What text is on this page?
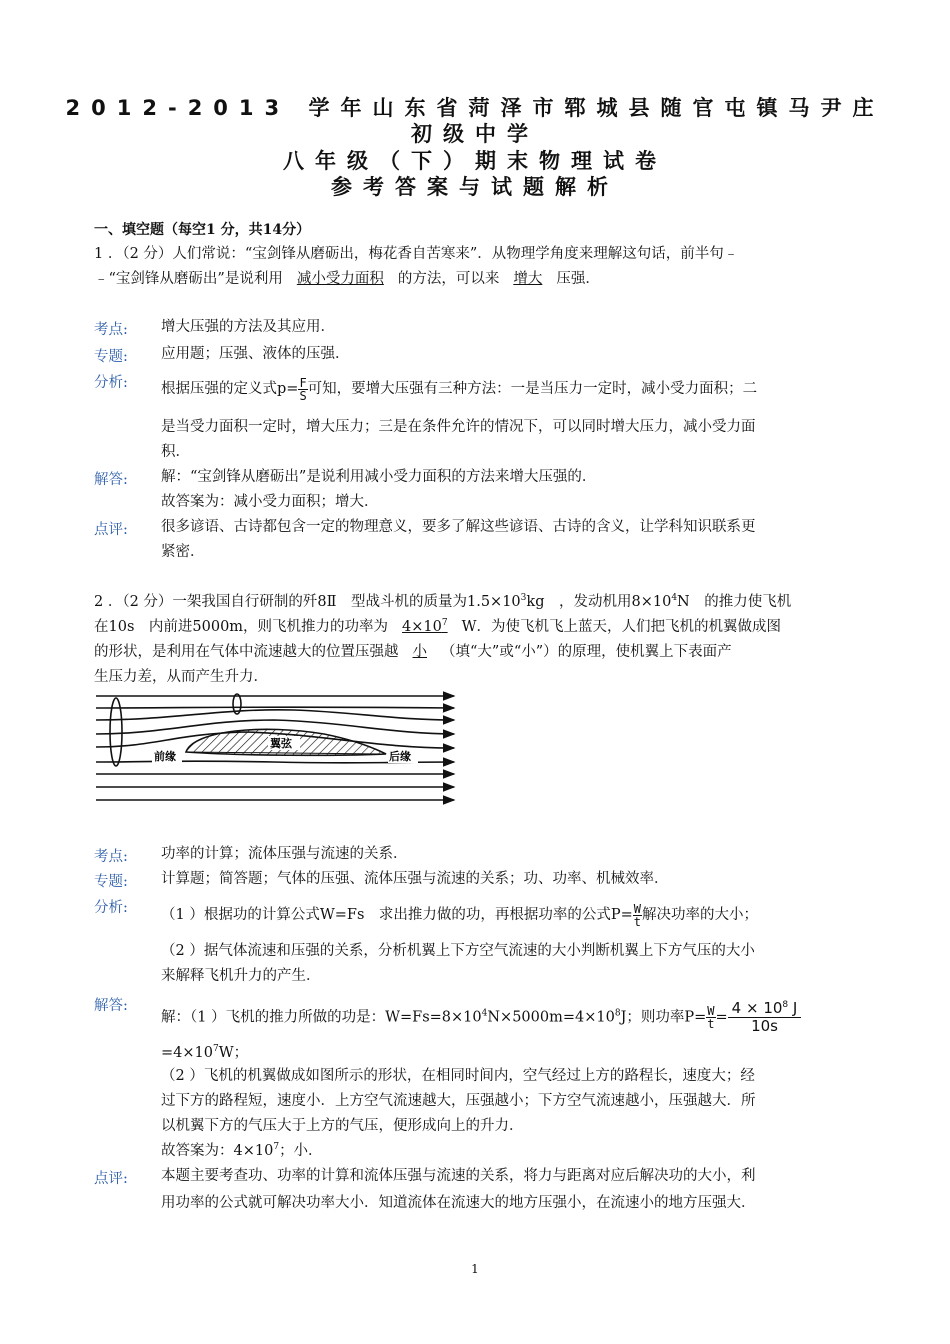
2012-2013 学年山东省菏泽市郓城县随官屯镇马尹庄
初级中学
八年级（下）期末物理试卷
参考答案与试题解析
一、填空题（每空1 分，共14分）
1 ．（2 分）人们常说：“宝剑锋从磨砺出，梅花香自苦寒来”．从物理学角度来理解这句话，前半句﹣
﹣“宝剑锋从磨砺出”是说利用 减小受力面积 的方法，可以来 增大 压强．
考点: 增大压强的方法及其应用．
专题: 应用题；压强、液体的压强．
分析: 根据压强的定义式$p= \frac{F}{S}$ 可知，要增大压强有三种方法：一是当压力一定时，减小受力面积；二
是当受力面积一定时，增大压力；三是在条件允许的情况下，可以同时增大压力，减小受力面
积．
解答: 解：“宝剑锋从磨砺出”是说利用减小受力面积的方法来增大压强的．
故答案为：减小受力面积；增大．
点评: 很多谚语、古诗都包含一定的物理意义，要多了解这些谚语、古诗的含义，让学科知识联系更
紧密．
2 ．（2 分）一架我国自行研制的歼8Ⅱ　型战斗机的质量为$1.5\times 10^3kg$　，发动机用$8\times 10^4N$　的推力使飞机
在10s　内前进5000m，则飞机推力的功率为 $4\times 10^7$ W．为使飞机飞上蓝天，人们把飞机的机翼做成图
的形状，是利用在气体中流速越大的位置压强越 小 （填“大”或“小”）的原理，使机翼上下表面产
生压力差，从而产生升力．
翼弦
前缘	后缘
考点: 功率的计算；流体压强与流速的关系．
专题: 计算题；简答题；气体的压强、流体压强与流速的关系；功、功率、机械效率．
分析: （1 ）根据功的计算公式W=Fs　求出推力做的功，再根据功率的公式$P= \frac{W}{t}$ 解决功率的大小；
（2 ）据气体流速和压强的关系，分析机翼上下方空气流速的大小判断机翼上下方气压的大小
来解释飞机升力的产生．
解答:
解：（1 ）飞机的推力所做的功是：$W=Fs=8\times 10^4N\times 5000m=4\times 10^8J$；则功率$P= \frac{W}{t} = \frac{4 \times 10^8 J}{10s}$
$=4\times 10^7W$；
（2 ）飞机的机翼做成如图所示的形状，在相同时间内，空气经过上方的路程长，速度大；经
过下方的路程短，速度小．上方空气流速越大，压强越小；下方空气流速越小，压强越大．所
以机翼下方的气压大于上方的气压，便形成向上的升力．
故答案为：$4\times 10^7$；小．
点评: 本题主要考查功、功率的计算和流体压强与流速的关系，将力与距离对应后解决功的大小，利
用功率的公式就可解决功率大小．知道流体在流速大的地方压强小，在流速小的地方压强大．
1
